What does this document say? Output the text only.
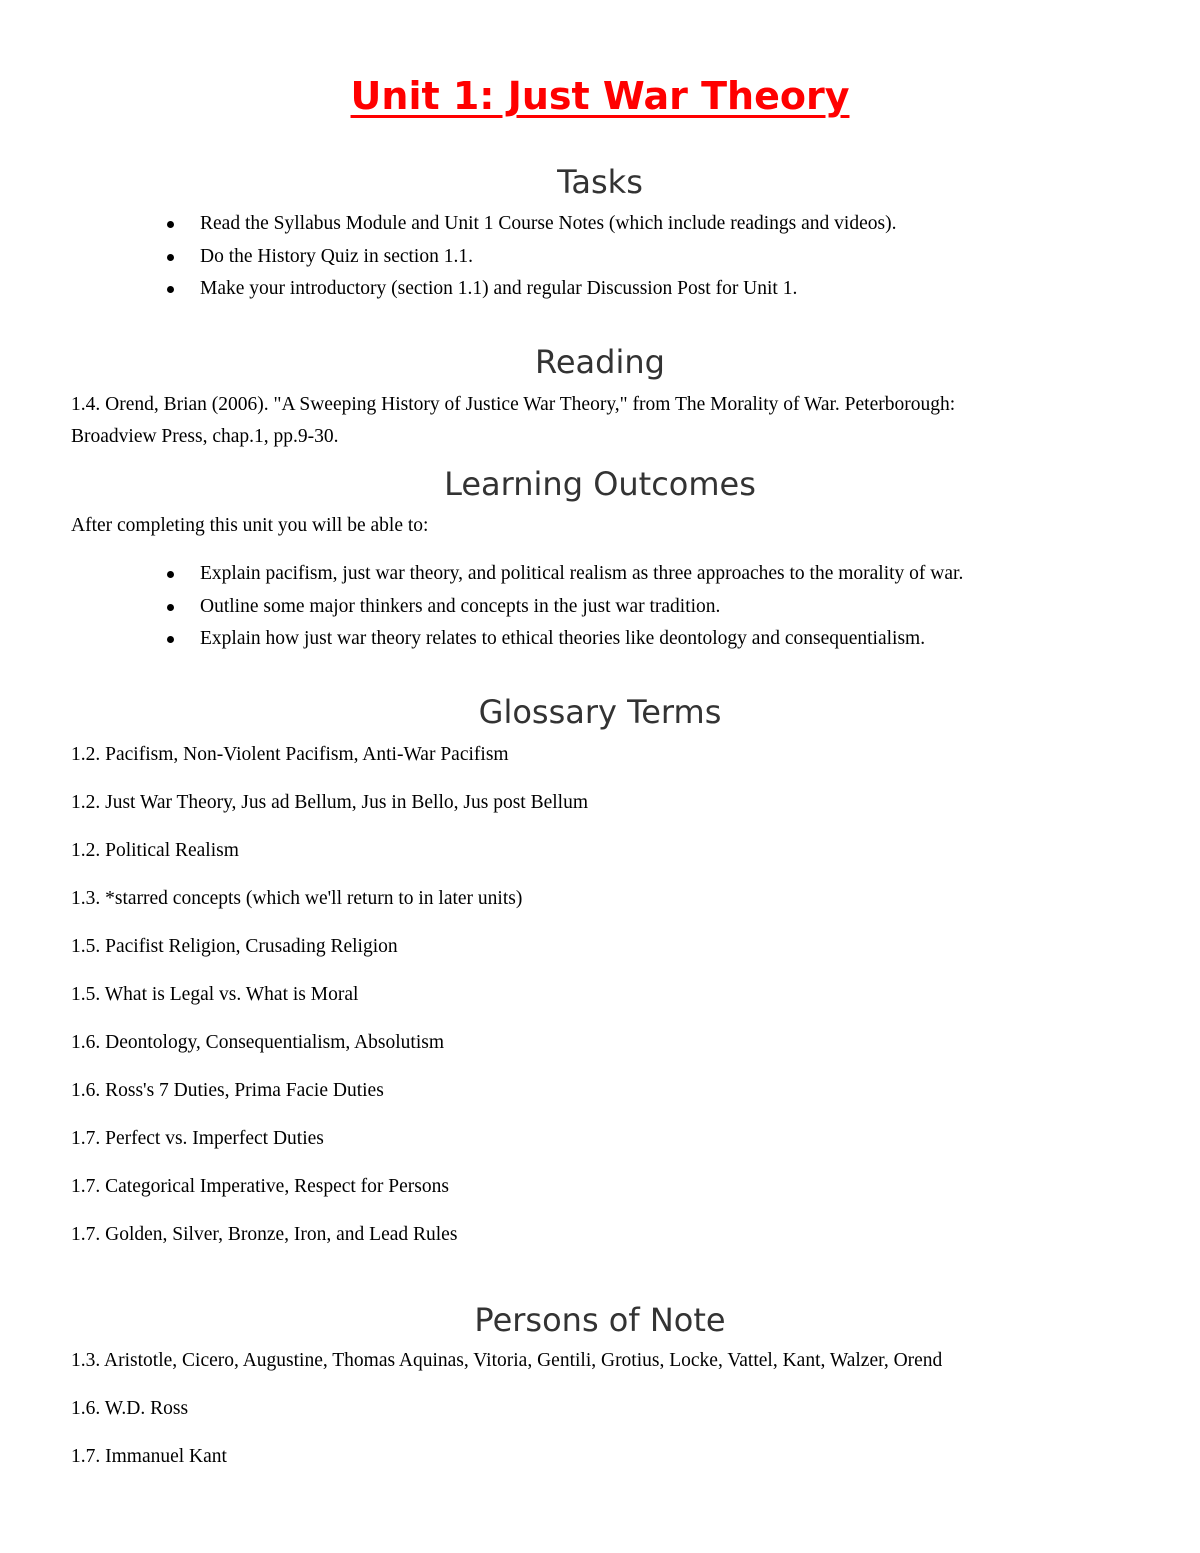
Unit 1: Just War Theory
Tasks
Read the Syllabus Module and Unit 1 Course Notes (which include readings and videos).
Do the History Quiz in section 1.1.
Make your introductory (section 1.1) and regular Discussion Post for Unit 1.
Reading

1.4. Orend, Brian (2006). "A Sweeping History of Justice War Theory," from The Morality of War. Peterborough:

Broadview Press, chap.1, pp.9-30.

Learning Outcomes

After completing this unit you will be able to:

Explain pacifism, just war theory, and political realism as three approaches to the morality of war.
Outline some major thinkers and concepts in the just war tradition.
Explain how just war theory relates to ethical theories like deontology and consequentialism.
Glossary Terms
1.2. Pacifism, Non-Violent Pacifism, Anti-War Pacifism
1.2. Just War Theory, Jus ad Bellum, Jus in Bello, Jus post Bellum
1.2. Political Realism
1.3. *starred concepts (which we'll return to in later units)
1.5. Pacifist Religion, Crusading Religion
1.5. What is Legal vs. What is Moral
1.6. Deontology, Consequentialism, Absolutism
1.6. Ross's 7 Duties, Prima Facie Duties
1.7. Perfect vs. Imperfect Duties
1.7. Categorical Imperative, Respect for Persons
1.7. Golden, Silver, Bronze, Iron, and Lead Rules
Persons of Note
1.3. Aristotle, Cicero, Augustine, Thomas Aquinas, Vitoria, Gentili, Grotius, Locke, Vattel, Kant, Walzer, Orend
1.6. W.D. Ross
1.7. Immanuel Kant
